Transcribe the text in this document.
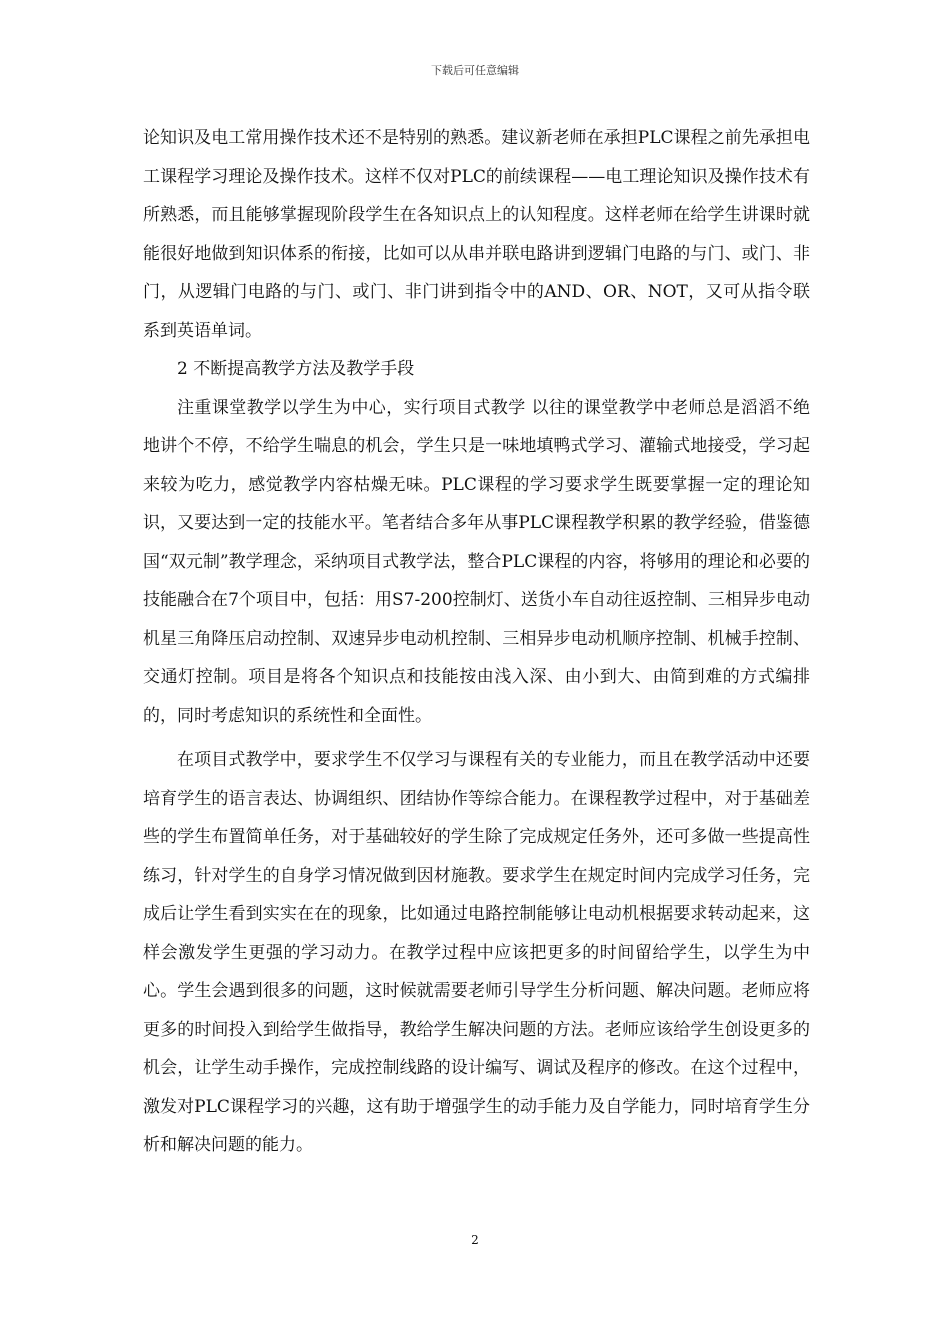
下载后可任意编辑

论知识及电工常用操作技术还不是特别的熟悉。建议新老师在承担PLC课程之前先承担电工课程学习理论及操作技术。这样不仅对PLC的前续课程——电工理论知识及操作技术有所熟悉，而且能够掌握现阶段学生在各知识点上的认知程度。这样老师在给学生讲课时就能很好地做到知识体系的衔接，比如可以从串并联电路讲到逻辑门电路的与门、或门、非门，从逻辑门电路的与门、或门、非门讲到指令中的AND、OR、NOT，又可从指令联系到英语单词。

2 不断提高教学方法及教学手段

注重课堂教学以学生为中心，实行项目式教学 以往的课堂教学中老师总是滔滔不绝地讲个不停，不给学生喘息的机会，学生只是一味地填鸭式学习、灌输式地接受，学习起来较为吃力，感觉教学内容枯燥无味。PLC课程的学习要求学生既要掌握一定的理论知识，又要达到一定的技能水平。笔者结合多年从事PLC课程教学积累的教学经验，借鉴德国“双元制”教学理念，采纳项目式教学法，整合PLC课程的内容，将够用的理论和必要的技能融合在7个项目中，包括：用S7-200控制灯、送货小车自动往返控制、三相异步电动机星三角降压启动控制、双速异步电动机控制、三相异步电动机顺序控制、机械手控制、交通灯控制。项目是将各个知识点和技能按由浅入深、由小到大、由简到难的方式编排的，同时考虑知识的系统性和全面性。

在项目式教学中，要求学生不仅学习与课程有关的专业能力，而且在教学活动中还要培育学生的语言表达、协调组织、团结协作等综合能力。在课程教学过程中，对于基础差些的学生布置简单任务，对于基础较好的学生除了完成规定任务外，还可多做一些提高性练习，针对学生的自身学习情况做到因材施教。要求学生在规定时间内完成学习任务，完成后让学生看到实实在在的现象，比如通过电路控制能够让电动机根据要求转动起来，这样会激发学生更强的学习动力。在教学过程中应该把更多的时间留给学生，以学生为中心。学生会遇到很多的问题，这时候就需要老师引导学生分析问题、解决问题。老师应将更多的时间投入到给学生做指导，教给学生解决问题的方法。老师应该给学生创设更多的机会，让学生动手操作，完成控制线路的设计编写、调试及程序的修改。在这个过程中，激发对PLC课程学习的兴趣，这有助于增强学生的动手能力及自学能力，同时培育学生分析和解决问题的能力。

2
